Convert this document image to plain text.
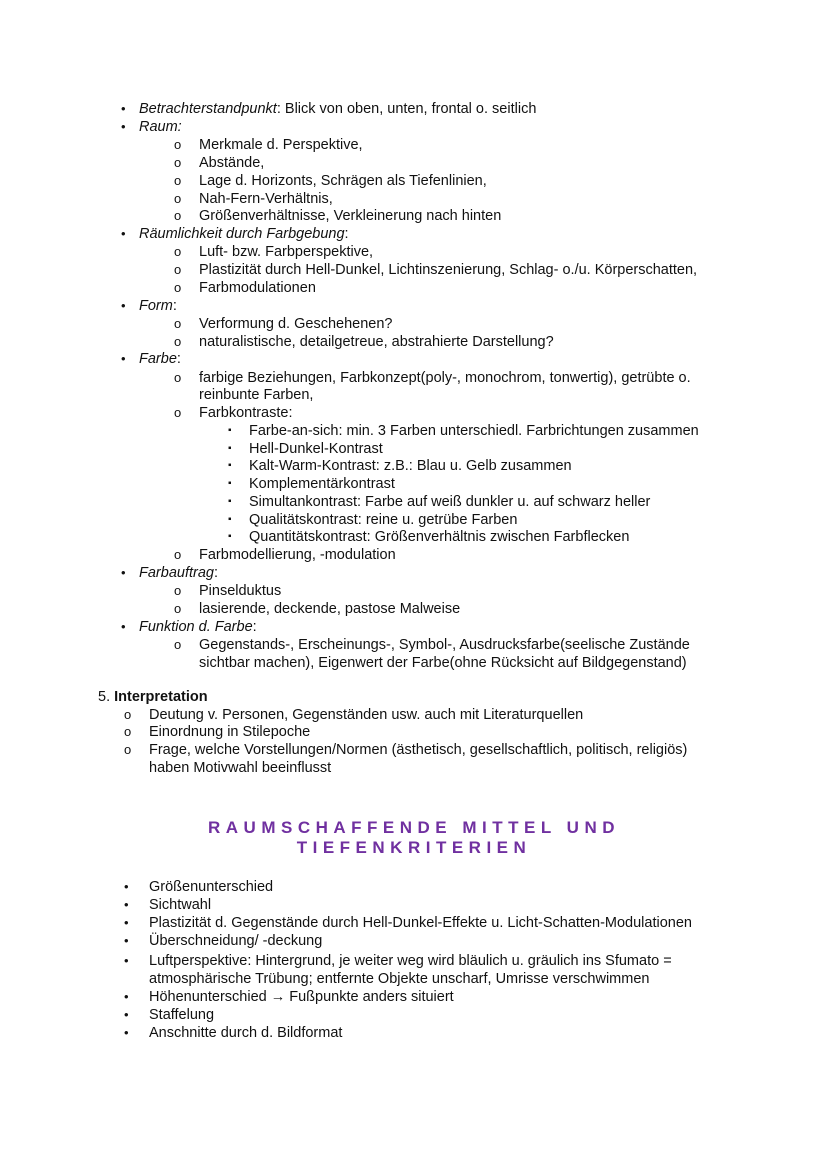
• Betrachterstandpunkt: Blick von oben, unten, frontal o. seitlich
• Raum:
o Merkmale d. Perspektive,
o Abstände,
o Lage d. Horizonts, Schrägen als Tiefenlinien,
o Nah-Fern-Verhältnis,
o Größenverhältnisse, Verkleinerung nach hinten
• Räumlichkeit durch Farbgebung:
o Luft- bzw. Farbperspektive,
o Plastizität durch Hell-Dunkel, Lichtinszenierung, Schlag- o./u. Körperschatten,
o Farbmodulationen
• Form:
o Verformung d. Geschehenen?
o naturalistische, detailgetreue, abstrahierte Darstellung?
• Farbe:
o farbige Beziehungen, Farbkonzept(poly-, monochrom, tonwertig), getrübte o.
reinbunte Farben,
o Farbkontraste:
▪ Farbe-an-sich: min. 3 Farben unterschiedl. Farbrichtungen zusammen
▪ Hell-Dunkel-Kontrast
▪ Kalt-Warm-Kontrast: z.B.: Blau u. Gelb zusammen
▪ Komplementärkontrast
▪ Simultankontrast: Farbe auf weiß dunkler u. auf schwarz heller
▪ Qualitätskontrast: reine u. getrübe Farben
▪ Quantitätskontrast: Größenverhältnis zwischen Farbflecken
o Farbmodellierung, -modulation
• Farbauftrag:
o Pinselduktus
o lasierende, deckende, pastose Malweise
• Funktion d. Farbe:
o Gegenstands-, Erscheinungs-, Symbol-, Ausdrucksfarbe(seelische Zustände
sichtbar machen), Eigenwert der Farbe(ohne Rücksicht auf Bildgegenstand)
5. Interpretation
o Deutung v. Personen, Gegenständen usw. auch mit Literaturquellen
o Einordnung in Stilepoche
o Frage, welche Vorstellungen/Normen (ästhetisch, gesellschaftlich, politisch, religiös)
haben Motivwahl beeinflusst
RAUMSCHAFFENDE MITTEL UND
TIEFENKRITERIEN
• Größenunterschied
• Sichtwahl
• Plastizität d. Gegenstände durch Hell-Dunkel-Effekte u. Licht-Schatten-Modulationen
• Überschneidung/ -deckung
• Luftperspektive: Hintergrund, je weiter weg wird bläulich u. gräulich ins Sfumato =
atmosphärische Trübung; entfernte Objekte unscharf, Umrisse verschwimmen
• Höhenunterschied → Fußpunkte anders situiert
• Staffelung
• Anschnitte durch d. Bildformat
